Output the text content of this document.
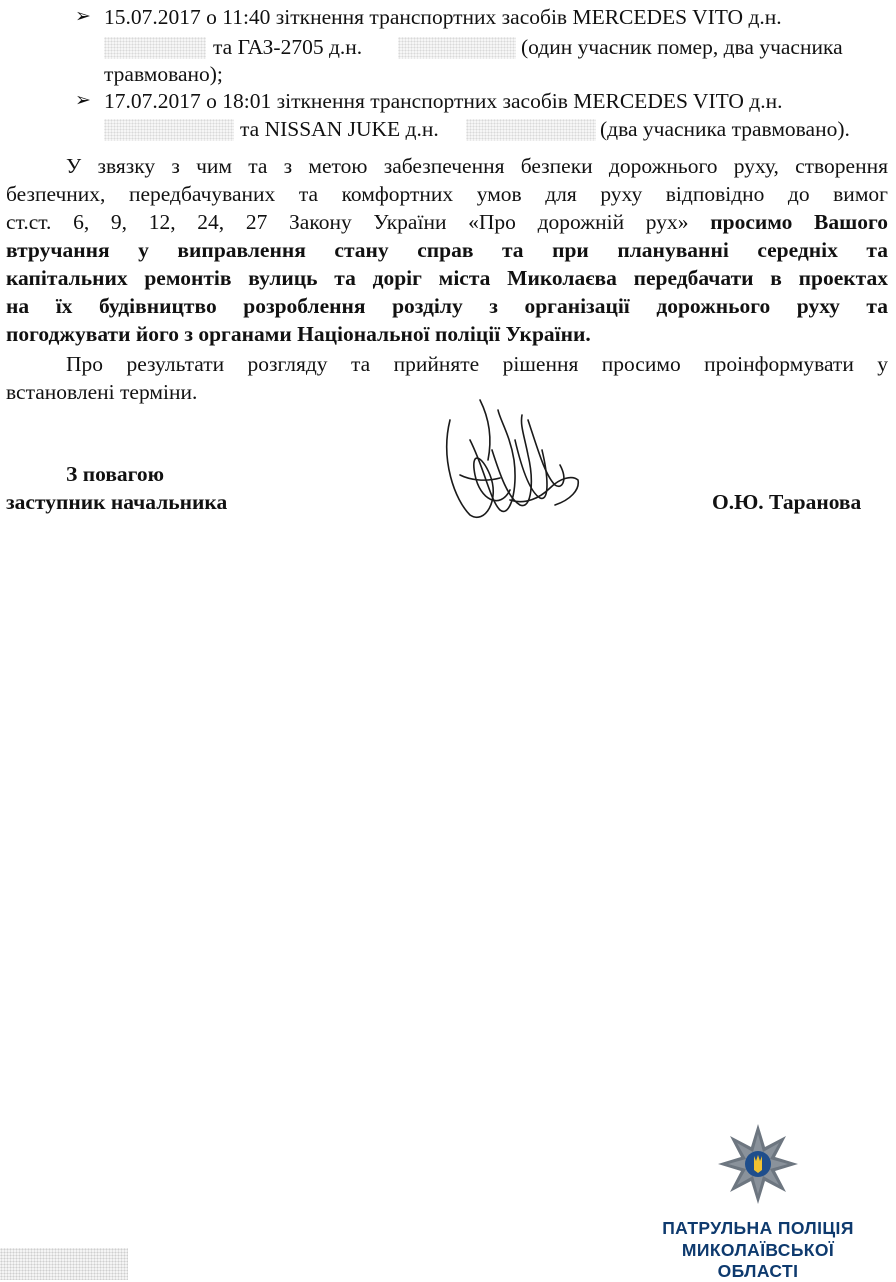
➢ 15.07.2017 о 11:40 зіткнення транспортних засобів MERCEDES VITO д.н.
та ГАЗ-2705 д.н.	(один учасник помер, два учасника
травмовано);
➢ 17.07.2017 о 18:01 зіткнення транспортних засобів MERCEDES VITO д.н.
та NISSAN JUKE д.н.	(два учасника травмовано).
У звязку з чим та з метою забезпечення безпеки дорожнього руху, створення
безпечних, передбачуваних та комфортних умов для руху відповідно до вимог
ст.ст. 6, 9, 12, 24, 27 Закону України «Про дорожній рух» просимо Вашого
втручання у виправлення стану справ та при плануванні середніх та
капітальних ремонтів вулиць та доріг міста Миколаєва передбачати в проектах
на їх будівництво розроблення розділу з організації дорожнього руху та
погоджувати його з органами Національної поліції України.
Про результати розгляду та прийняте рішення просимо проінформувати у
встановлені терміни.
З повагою
заступник начальника	О.Ю. Таранова
ПАТРУЛЬНА ПОЛІЦІЯ
МИКОЛАЇВСЬКОЇ ОБЛАСТІ
